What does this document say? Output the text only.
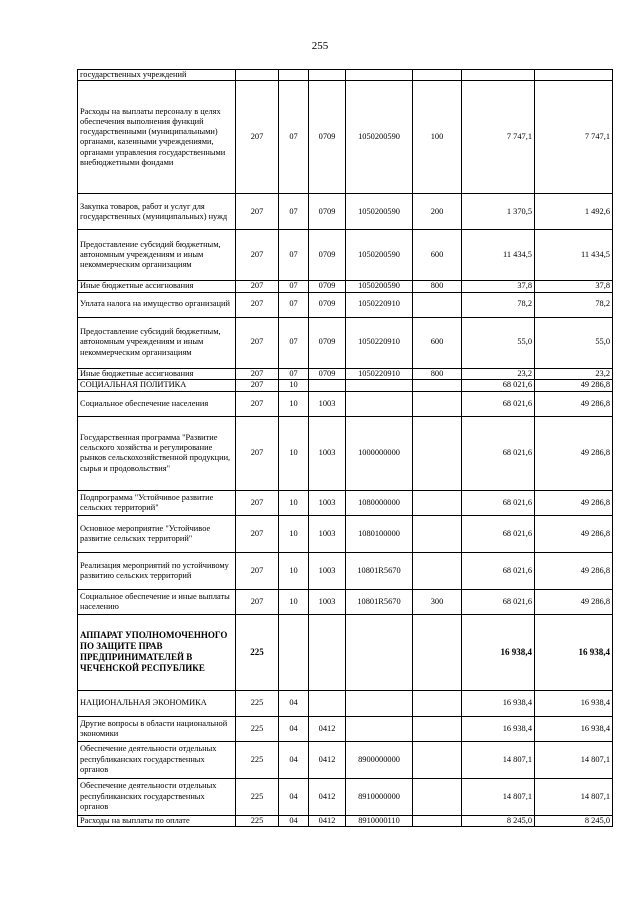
255
государственных учреждений							
Расходы на выплаты персоналу в целях обеспечения выполнения функций государственными (муниципальными) органами, казенными учреждениями, органами управления государственными внебюджетными фондами	207	07	0709	1050200590	100	7 747,1	7 747,1
Закупка товаров, работ и услуг для государственных (муниципальных) нужд	207	07	0709	1050200590	200	1 370,5	1 492,6
Предоставление субсидий бюджетным, автономным учреждениям и иным некоммерческим организациям	207	07	0709	1050200590	600	11 434,5	11 434,5
Иные бюджетные ассигнования	207	07	0709	1050200590	800	37,8	37,8
Уплата налога на имущество организаций	207	07	0709	1050220910		78,2	78,2
Предоставление субсидий бюджетным, автономным учреждениям и иным некоммерческим организациям	207	07	0709	1050220910	600	55,0	55,0
Иные бюджетные ассигнования	207	07	0709	1050220910	800	23,2	23,2
СОЦИАЛЬНАЯ ПОЛИТИКА	207	10				68 021,6	49 286,8
Социальное обеспечение населения	207	10	1003			68 021,6	49 286,8
Государственная программа "Развитие сельского хозяйства и регулирование рынков сельскохозяйственной продукции, сырья и продовольствия"	207	10	1003	1000000000		68 021,6	49 286,8
Подпрограмма "Устойчивое развитие сельских территорий"	207	10	1003	1080000000		68 021,6	49 286,8
Основное мероприятие "Устойчивое развитие сельских территорий"	207	10	1003	1080100000		68 021,6	49 286,8
Реализация мероприятий по устойчивому развитию сельских территорий	207	10	1003	10801R5670		68 021,6	49 286,8
Социальное обеспечение и иные выплаты населению	207	10	1003	10801R5670	300	68 021,6	49 286,8
АППАРАТ УПОЛНОМОЧЕННОГО ПО ЗАЩИТЕ ПРАВ ПРЕДПРИНИМАТЕЛЕЙ В ЧЕЧЕНСКОЙ РЕСПУБЛИКЕ	225					16 938,4	16 938,4
НАЦИОНАЛЬНАЯ ЭКОНОМИКА	225	04				16 938,4	16 938,4
Другие вопросы в области национальной экономики	225	04	0412			16 938,4	16 938,4
Обеспечение деятельности отдельных республиканских государственных органов	225	04	0412	8900000000		14 807,1	14 807,1
Обеспечение деятельности отдельных республиканских государственных органов	225	04	0412	8910000000		14 807,1	14 807,1
Расходы на выплаты по оплате	225	04	0412	8910000110		8 245,0	8 245,0
